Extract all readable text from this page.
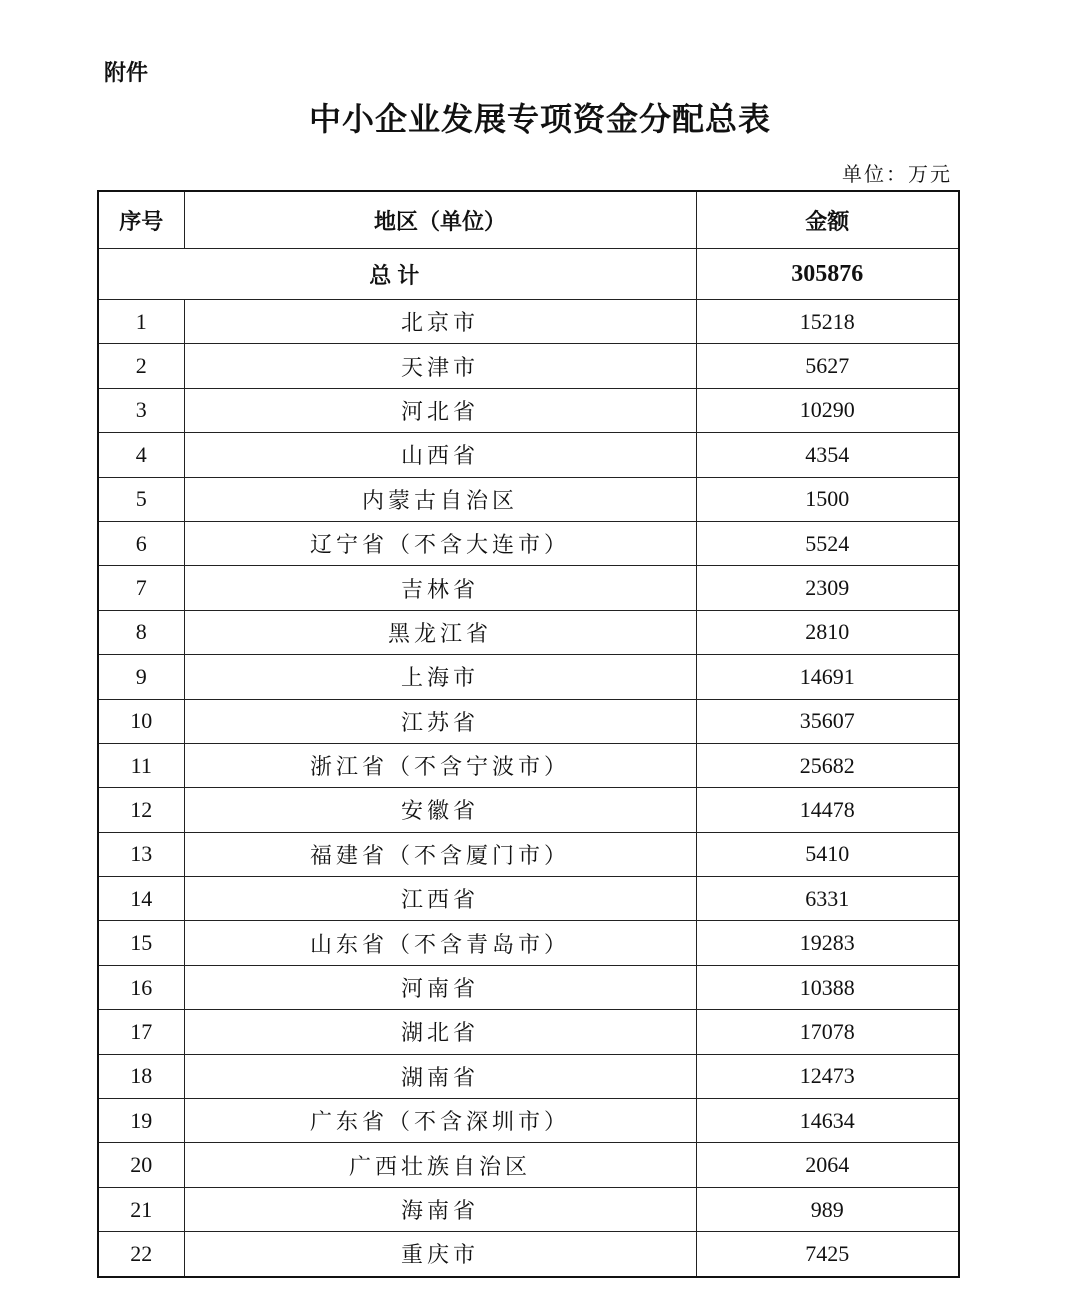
附件
中小企业发展专项资金分配总表
单位：万元
序号	地区（单位）	金额
总计		305876
1	北京市	15218
2	天津市	5627
3	河北省	10290
4	山西省	4354
5	内蒙古自治区	1500
6	辽宁省（不含大连市）	5524
7	吉林省	2309
8	黑龙江省	2810
9	上海市	14691
10	江苏省	35607
11	浙江省（不含宁波市）	25682
12	安徽省	14478
13	福建省（不含厦门市）	5410
14	江西省	6331
15	山东省（不含青岛市）	19283
16	河南省	10388
17	湖北省	17078
18	湖南省	12473
19	广东省（不含深圳市）	14634
20	广西壮族自治区	2064
21	海南省	989
22	重庆市	7425
